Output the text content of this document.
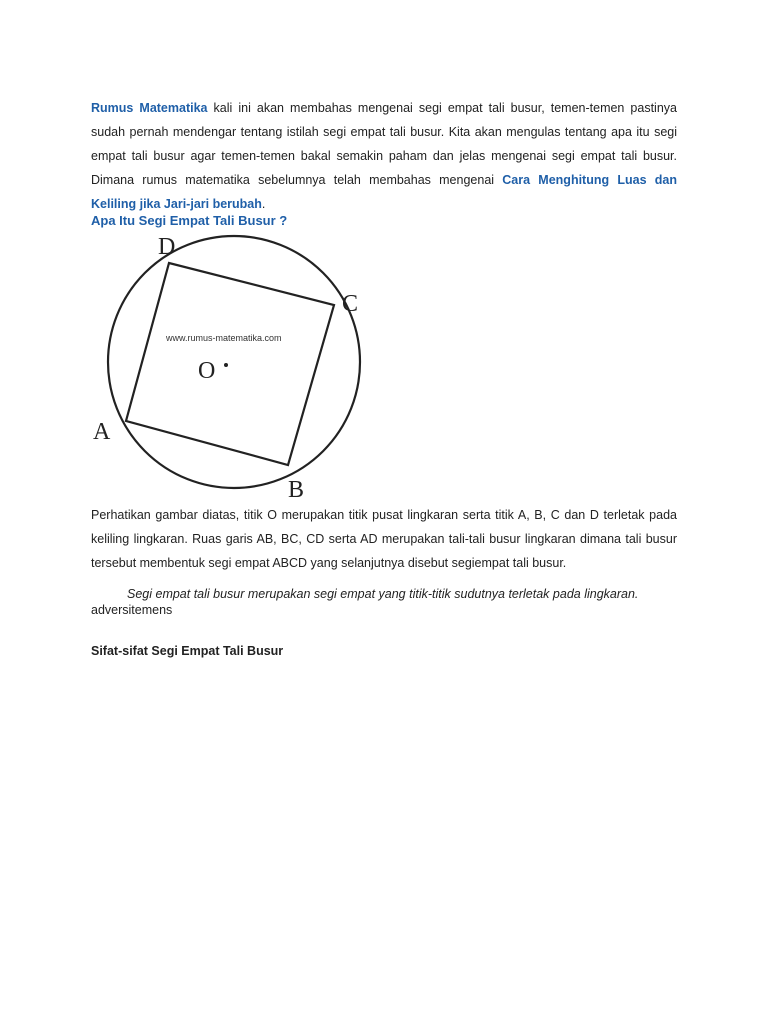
Rumus Matematika kali ini akan membahas mengenai segi empat tali busur, temen-temen pastinya sudah pernah mendengar tentang istilah segi empat tali busur. Kita akan mengulas tentang apa itu segi empat tali busur agar temen-temen bakal semakin paham dan jelas mengenai segi empat tali busur. Dimana rumus matematika sebelumnya telah membahas mengenai Cara Menghitung Luas dan Keliling jika Jari-jari berubah.

Apa Itu Segi Empat Tali Busur ?
D
C
A
B
O
www.rumus-matematika.com

Perhatikan gambar diatas, titik O merupakan titik pusat lingkaran serta titik A, B, C dan D terletak pada keliling lingkaran. Ruas garis AB, BC, CD serta AD merupakan tali-tali busur lingkaran dimana tali busur tersebut membentuk segi empat ABCD yang selanjutnya disebut segiempat tali busur.

Segi empat tali busur merupakan segi empat yang titik-titik sudutnya terletak pada lingkaran.
adversitemens
Sifat-sifat Segi Empat Tali Busur
